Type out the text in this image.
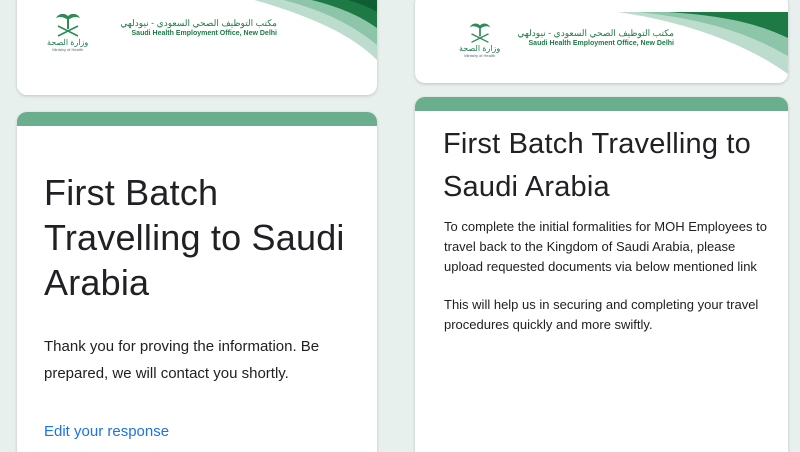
وزارة الصحة
Ministry of Health
مكتب التوظيف الصحي السعودي - نيودلهي
Saudi Health Employment Office, New Delhi
وزارة الصحة
Ministry of Health
مكتب التوظيف الصحي السعودي - نيودلهي
Saudi Health Employment Office, New Delhi
First Batch Travelling to Saudi Arabia

Thank you for proving the information. Be prepared, we will contact you shortly.

Edit your response
First Batch Travelling to Saudi Arabia

To complete the initial formalities for MOH Employees to travel back to the Kingdom of Saudi Arabia, please upload requested documents via below mentioned link

This will help us in securing and completing your travel procedures quickly and more swiftly.
